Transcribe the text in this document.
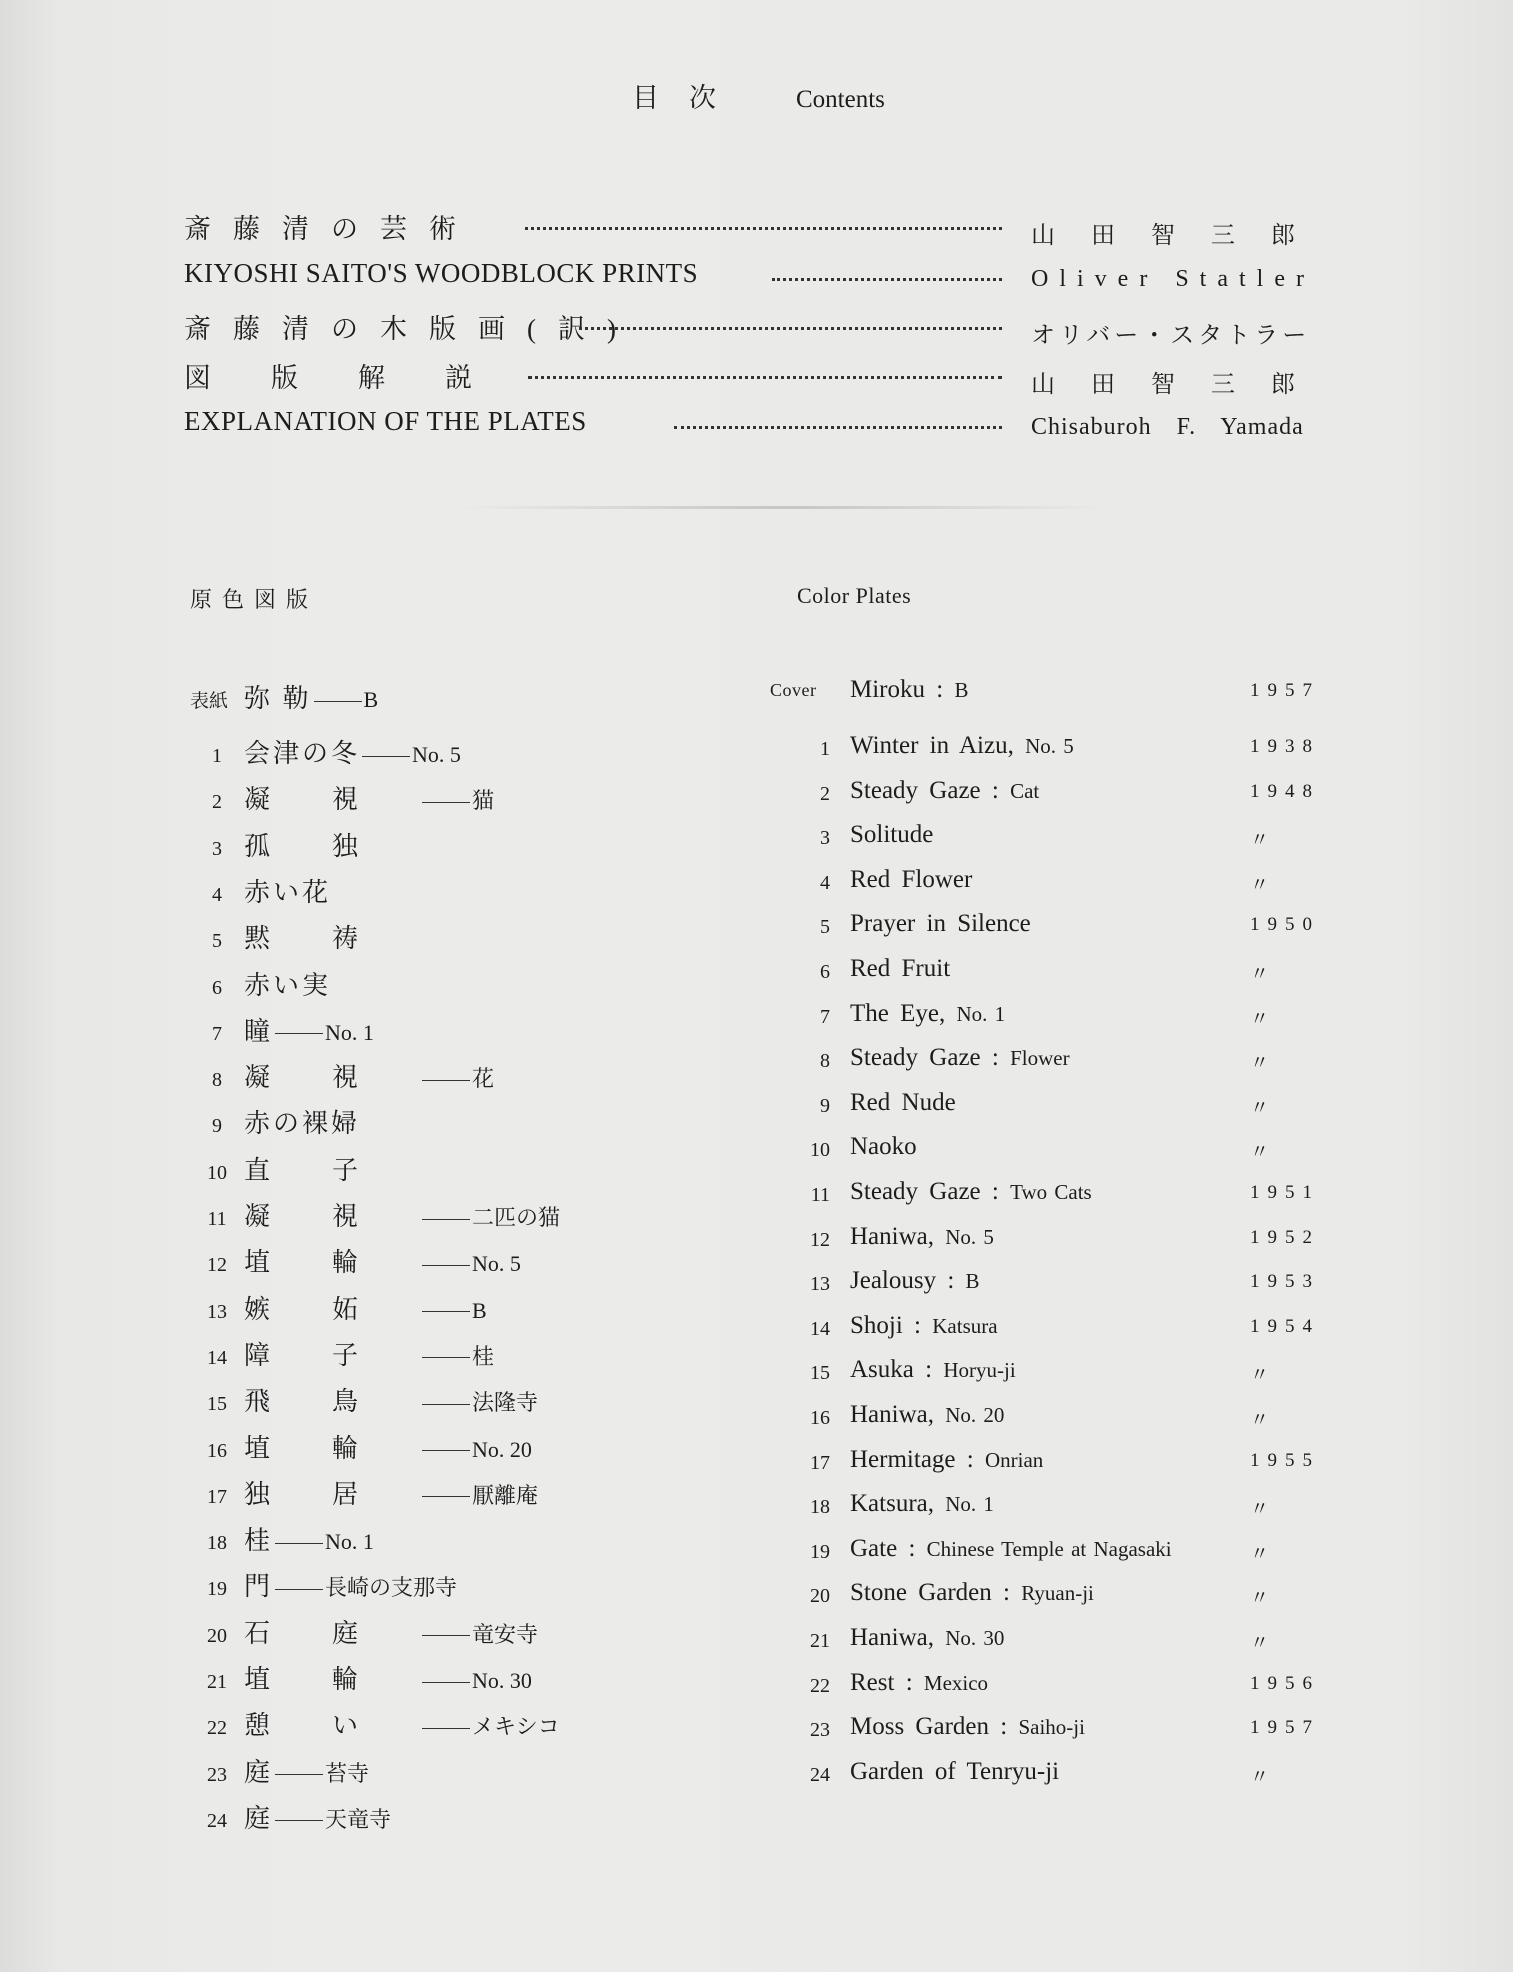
目次 Contents
斎藤清の芸術	山田智三郎
KIYOSHI SAITO'S WOODBLOCK PRINTS	Oliver Statler
斎藤清の木版画(訳)	オリバー・スタトラー
図版解説	山田智三郎
EXPLANATION OF THE PLATES	Chisaburoh F. Yamada
原色図版	Color Plates
表紙 弥 勒 B
1 会津の冬 No. 5
2 凝視 猫
3 孤独
4 赤い花
5 黙祷
6 赤い実
7 瞳 No. 1
8 凝視 花
9 赤の裸婦
10 直子
11 凝視 二匹の猫
12 埴輪 No. 5
13 嫉妬 B
14 障子 桂
15 飛鳥 法隆寺
16 埴輪 No. 20
17 独居 厭離庵
18 桂 No. 1
19 門 長崎の支那寺
20 石庭 竜安寺
21 埴輪 No. 30
22 憩い メキシコ
23 庭 苔寺
24 庭 天竜寺
Cover	Miroku : B	1957
1 Winter in Aizu, No. 5	1938
2 Steady Gaze : Cat	1948
3 Solitude	〃
4 Red Flower	〃
5 Prayer in Silence	1950
6 Red Fruit	〃
7 The Eye, No. 1	〃
8 Steady Gaze : Flower	〃
9 Red Nude	〃
10 Naoko	〃
11 Steady Gaze : Two Cats	1951
12 Haniwa, No. 5	1952
13 Jealousy : B	1953
14 Shoji : Katsura	1954
15 Asuka : Horyu-ji	〃
16 Haniwa, No. 20	〃
17 Hermitage : Onrian	1955
18 Katsura, No. 1	〃
19 Gate : Chinese Temple at Nagasaki	〃
20 Stone Garden : Ryuan-ji	〃
21 Haniwa, No. 30	〃
22 Rest : Mexico	1956
23 Moss Garden : Saiho-ji	1957
24 Garden of Tenryu-ji	〃
